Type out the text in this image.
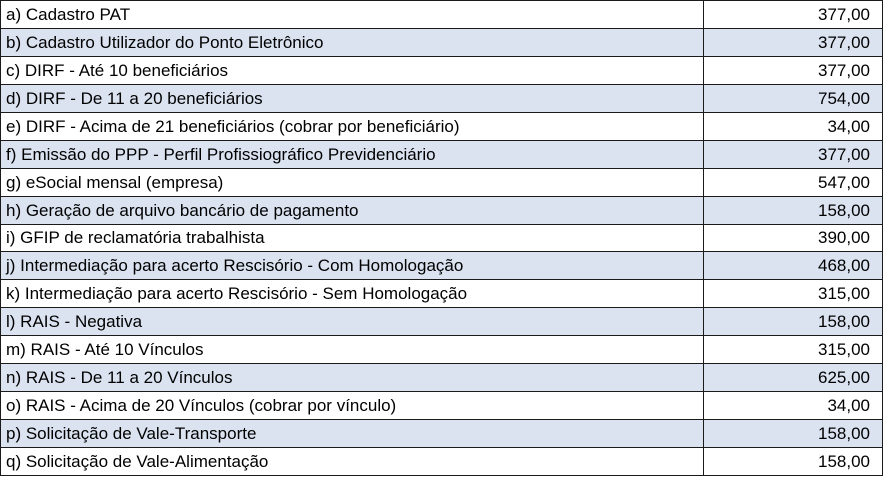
a) Cadastro PAT	377,00
b) Cadastro Utilizador do Ponto Eletrônico	377,00
c) DIRF - Até 10 beneficiários	377,00
d) DIRF - De 11 a 20 beneficiários	754,00
e) DIRF - Acima de 21 beneficiários (cobrar por beneficiário)	34,00
f) Emissão do PPP - Perfil Profissiográfico Previdenciário	377,00
g) eSocial mensal (empresa)	547,00
h) Geração de arquivo bancário de pagamento	158,00
i) GFIP de reclamatória trabalhista	390,00
j) Intermediação para acerto Rescisório - Com Homologação	468,00
k) Intermediação para acerto Rescisório - Sem Homologação	315,00
l) RAIS - Negativa	158,00
m) RAIS - Até 10 Vínculos	315,00
n) RAIS - De 11 a 20 Vínculos	625,00
o) RAIS - Acima de 20 Vínculos (cobrar por vínculo)	34,00
p) Solicitação de Vale-Transporte	158,00
q) Solicitação de Vale-Alimentação	158,00
